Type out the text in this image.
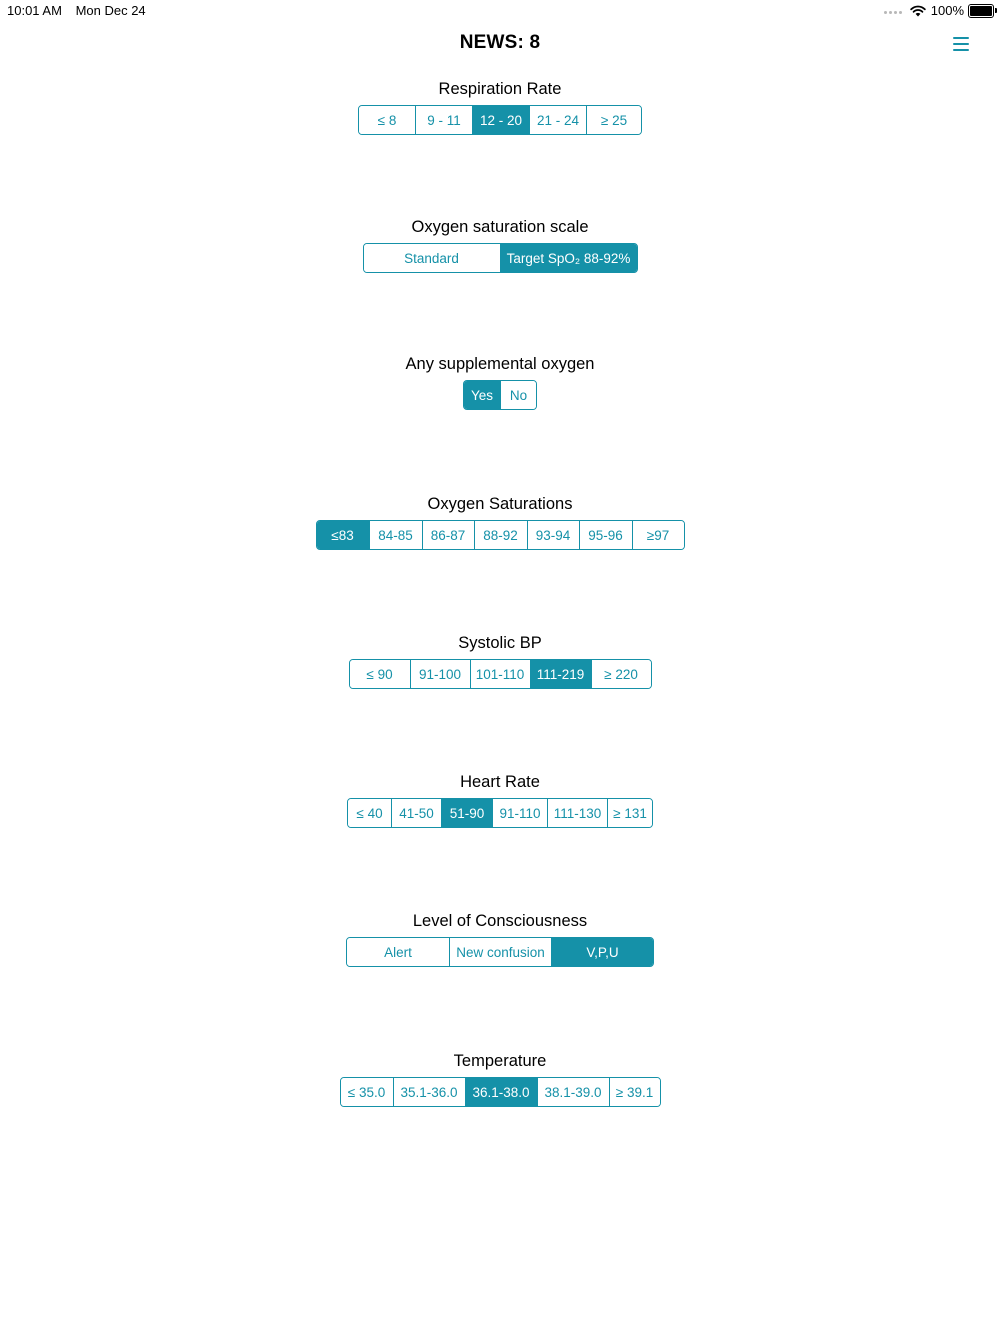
10:01 AM Mon Dec 24	100%
NEWS: 8
Respiration Rate
≤ 8	9 - 11	12 - 20	21 - 24	≥ 25
Oxygen saturation scale
Standard	Target SpO₂ 88-92%
Any supplemental oxygen
Yes	No
Oxygen Saturations
≤83	84-85	86-87	88-92	93-94	95-96	≥97
Systolic BP
≤ 90	91-100	101-110 111-219	≥ 220
Heart Rate
≤ 40	41-50	51-90	91-110 111-130 ≥ 131
Level of Consciousness
Alert	New confusion	V,P,U
Temperature
≤ 35.0	35.1-36.0	36.1-38.0	38.1-39.0	≥ 39.1
